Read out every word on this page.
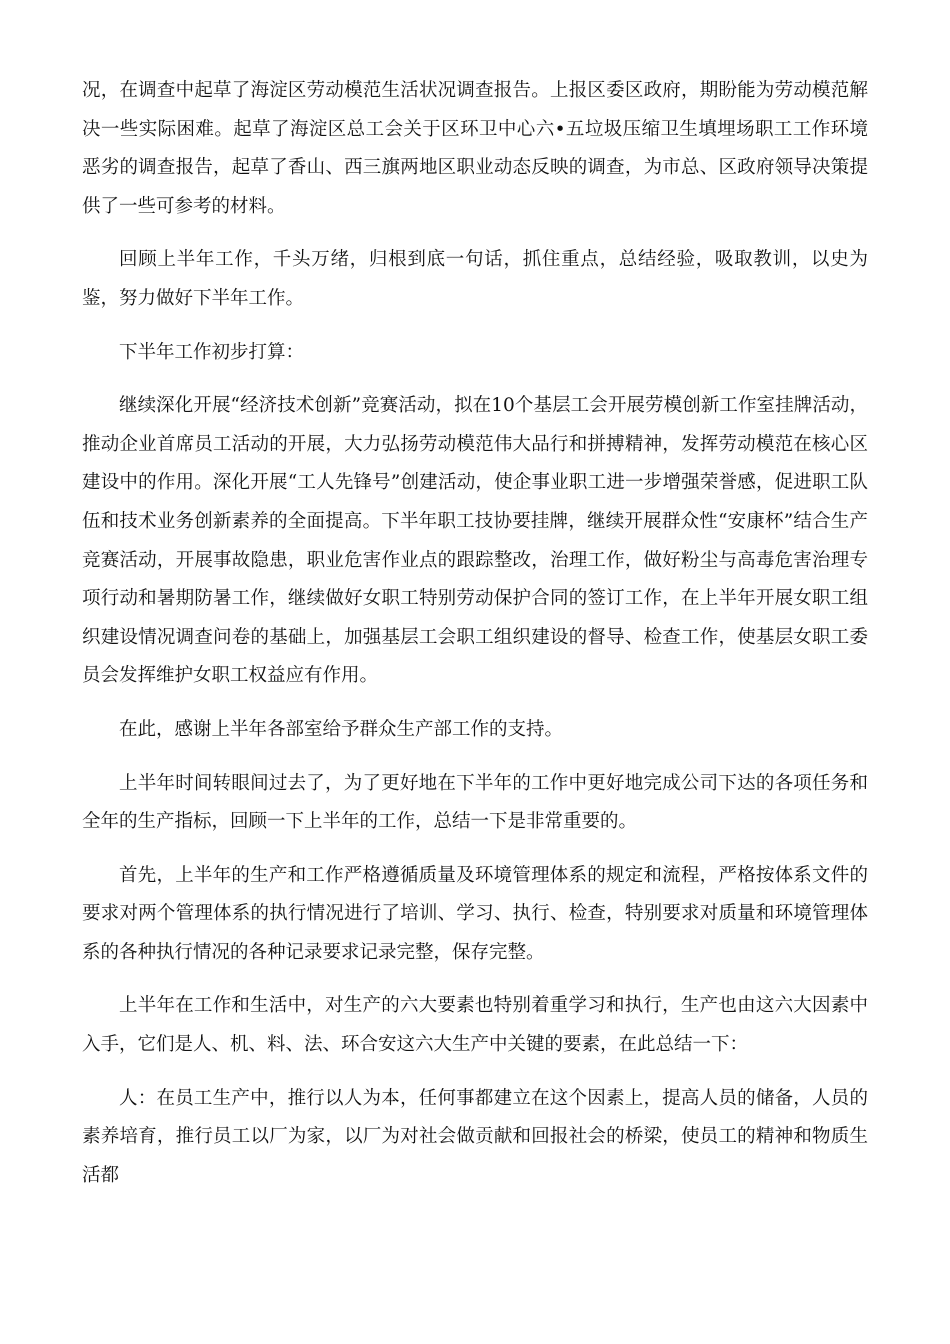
况，在调查中起草了海淀区劳动模范生活状况调查报告。上报区委区政府，期盼能为劳动模范解决一些实际困难。起草了海淀区总工会关于区环卫中心六•五垃圾压缩卫生填埋场职工工作环境恶劣的调查报告，起草了香山、西三旗两地区职业动态反映的调查，为市总、区政府领导决策提供了一些可参考的材料。

回顾上半年工作，千头万绪，归根到底一句话，抓住重点，总结经验，吸取教训，以史为鉴，努力做好下半年工作。

下半年工作初步打算：

继续深化开展“经济技术创新”竞赛活动，拟在10个基层工会开展劳模创新工作室挂牌活动，推动企业首席员工活动的开展，大力弘扬劳动模范伟大品行和拼搏精神，发挥劳动模范在核心区建设中的作用。深化开展“工人先锋号”创建活动，使企事业职工进一步增强荣誉感，促进职工队伍和技术业务创新素养的全面提高。下半年职工技协要挂牌，继续开展群众性“安康杯”结合生产竞赛活动，开展事故隐患，职业危害作业点的跟踪整改，治理工作，做好粉尘与高毒危害治理专项行动和暑期防暑工作，继续做好女职工特别劳动保护合同的签订工作，在上半年开展女职工组织建设情况调查问卷的基础上，加强基层工会职工组织建设的督导、检查工作，使基层女职工委员会发挥维护女职工权益应有作用。

在此，感谢上半年各部室给予群众生产部工作的支持。

上半年时间转眼间过去了，为了更好地在下半年的工作中更好地完成公司下达的各项任务和全年的生产指标，回顾一下上半年的工作，总结一下是非常重要的。

首先，上半年的生产和工作严格遵循质量及环境管理体系的规定和流程，严格按体系文件的要求对两个管理体系的执行情况进行了培训、学习、执行、检查，特别要求对质量和环境管理体系的各种执行情况的各种记录要求记录完整，保存完整。

上半年在工作和生活中，对生产的六大要素也特别着重学习和执行，生产也由这六大因素中入手，它们是人、机、料、法、环合安这六大生产中关键的要素，在此总结一下：

人：在员工生产中，推行以人为本，任何事都建立在这个因素上，提高人员的储备，人员的素养培育，推行员工以厂为家，以厂为对社会做贡献和回报社会的桥梁，使员工的精神和物质生活都
